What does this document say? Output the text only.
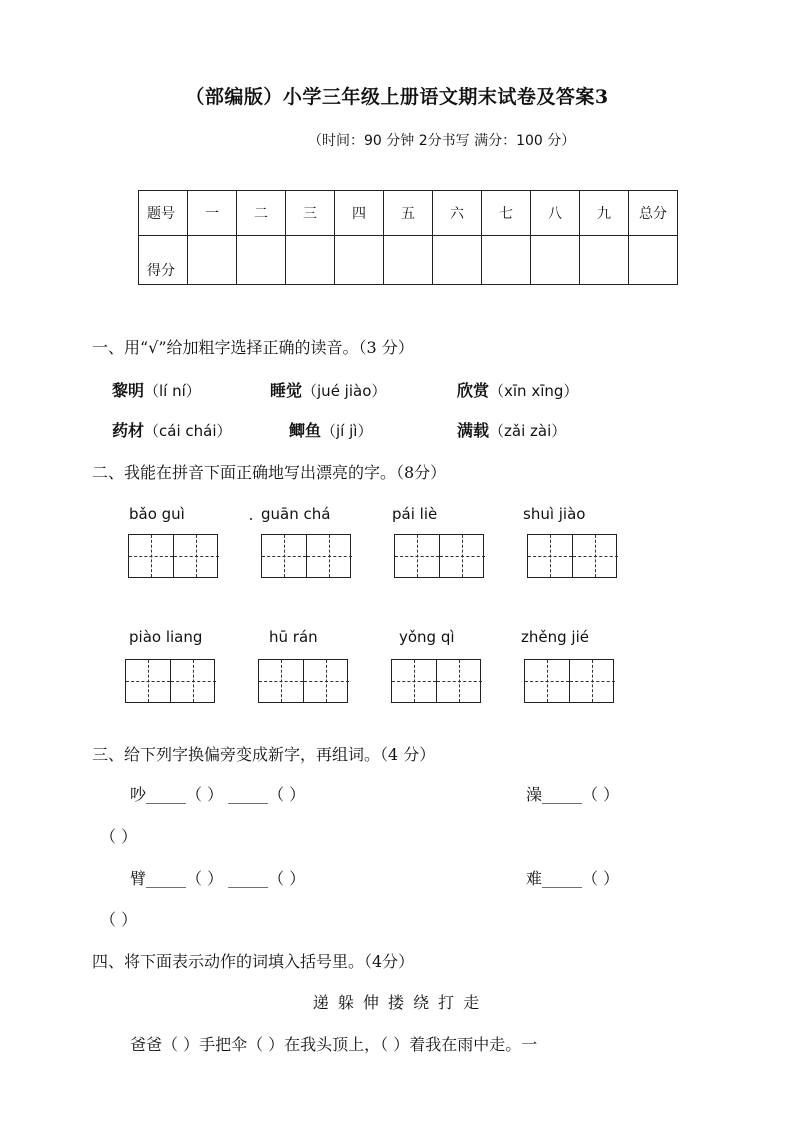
（部编版）小学三年级上册语文期末试卷及答案3
（时间：90 分钟 2分书写 满分：100 分）
题号	一	二	三	四	五	六	七	八	九	总分
得分										
一、用“√”给加粗字选择正确的读音。（3 分）
黎明（lí ní）	睡觉（jué jiào）	欣赏（xīn xīng）
药材（cái chái）	鲫鱼（jí jì）	满载（zǎi zài）
二、我能在拼音下面正确地写出漂亮的字。（8分）
bǎo guì	guān chá	pái liè	shuì jiào
piào liang	hū rán	yǒng qì	zhěng jié
三、给下列字换偏旁变成新字，再组词。（4 分）
吵_____（ ） _____（ ）	澡_____（ ）
（ ）
臂_____（ ） _____（ ）	难_____（ ）
（ ）
四、将下面表示动作的词填入括号里。（4分）
递 躲 伸 搂 绕 打 走
爸爸（ ）手把伞（ ）在我头顶上，（ ）着我在雨中走。一
